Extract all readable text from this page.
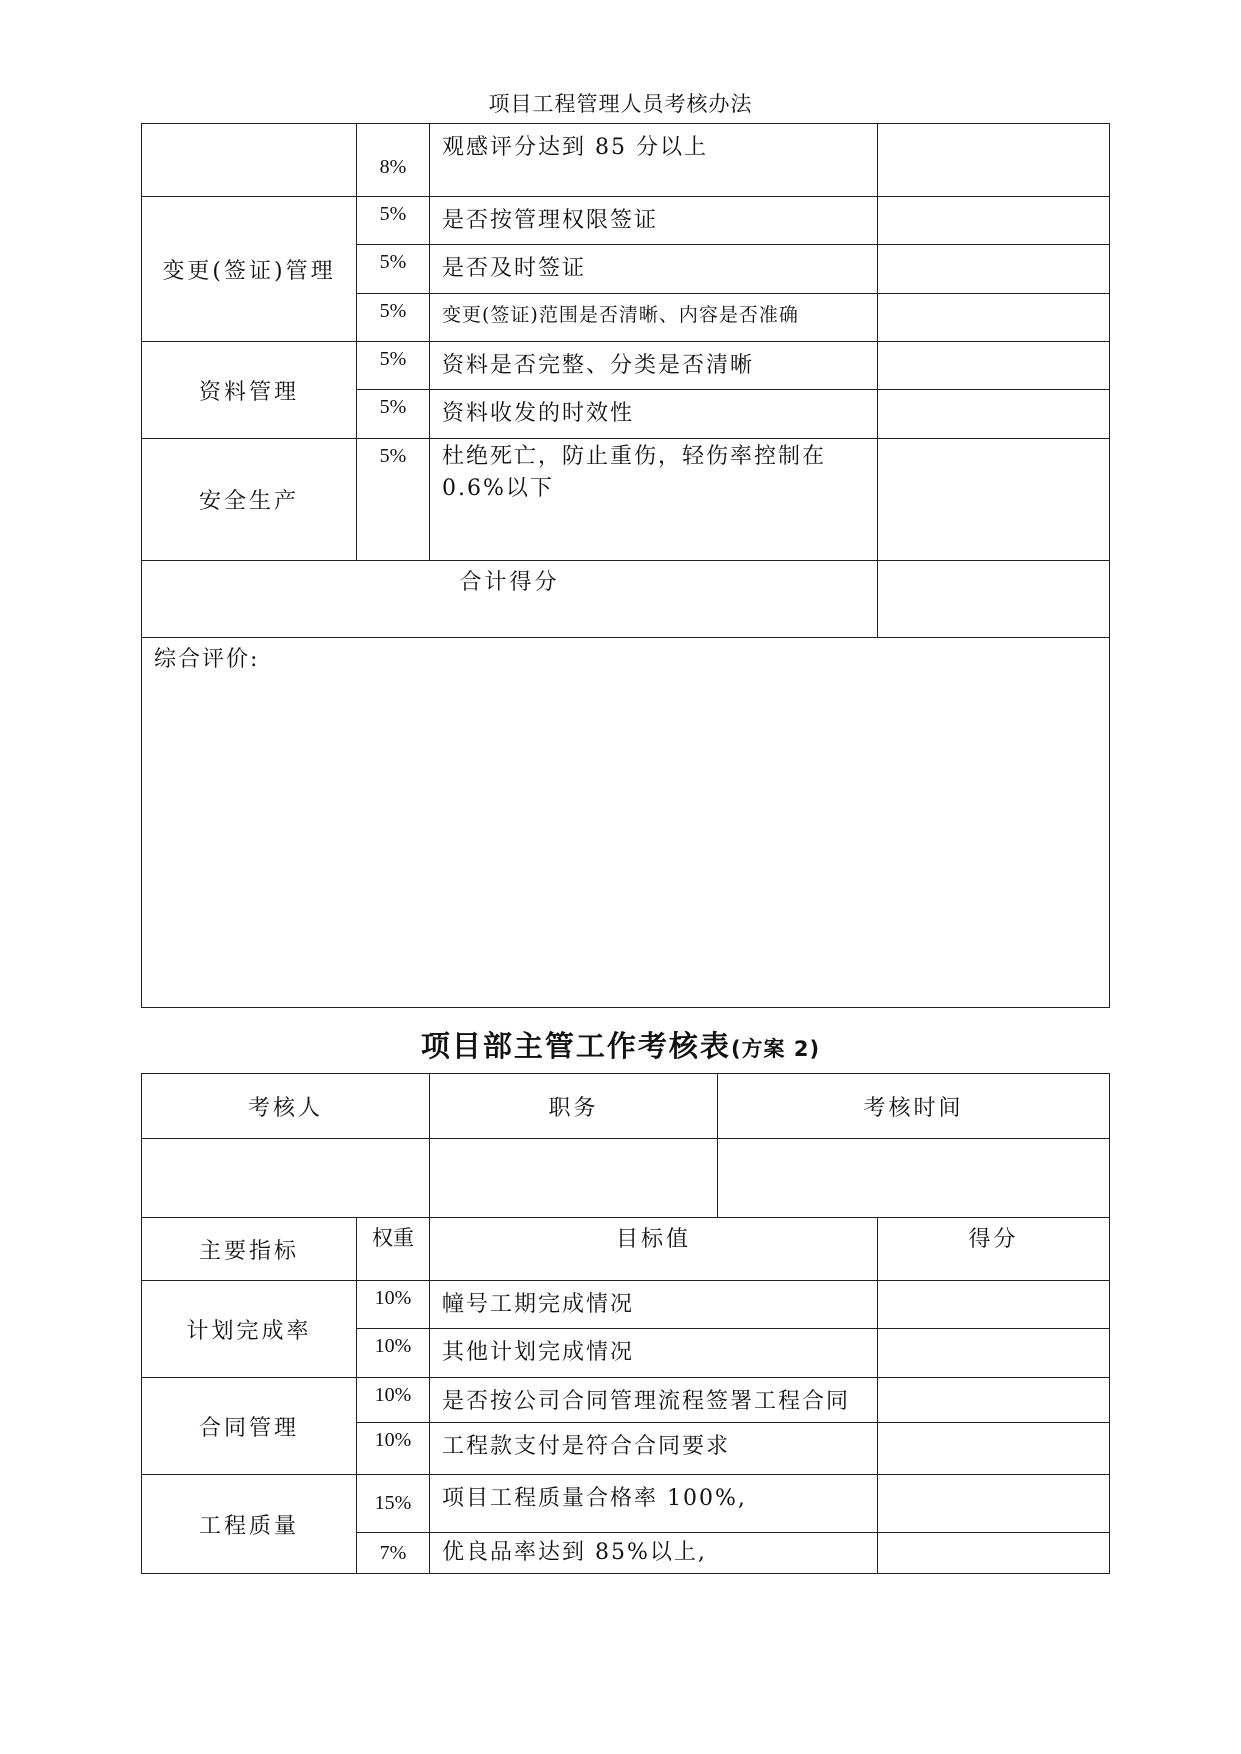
项目工程管理人员考核办法
	8%	观感评分达到 85 分以上	
变更(签证)管理	5%	是否按管理权限签证	
	5%	是否及时签证	
	5%	变更(签证)范围是否清晰、内容是否准确	
资料管理	5%	资料是否完整、分类是否清晰	
	5%	资料收发的时效性	
安全生产	5%	杜绝死亡，防止重伤，轻伤率控制在0.6%以下	
合计得分			
综合评价:			
项目部主管工作考核表(方案 2)
考核人		职务	考核时间	

主要指标	权重	目标值		得分
计划完成率	10%	幢号工期完成情况		
	10%	其他计划完成情况		
合同管理	10%	是否按公司合同管理流程签署工程合同		
	10%	工程款支付是符合合同要求		
工程质量	15%	项目工程质量合格率 100%,		
	7%	优良品率达到 85%以上,		
